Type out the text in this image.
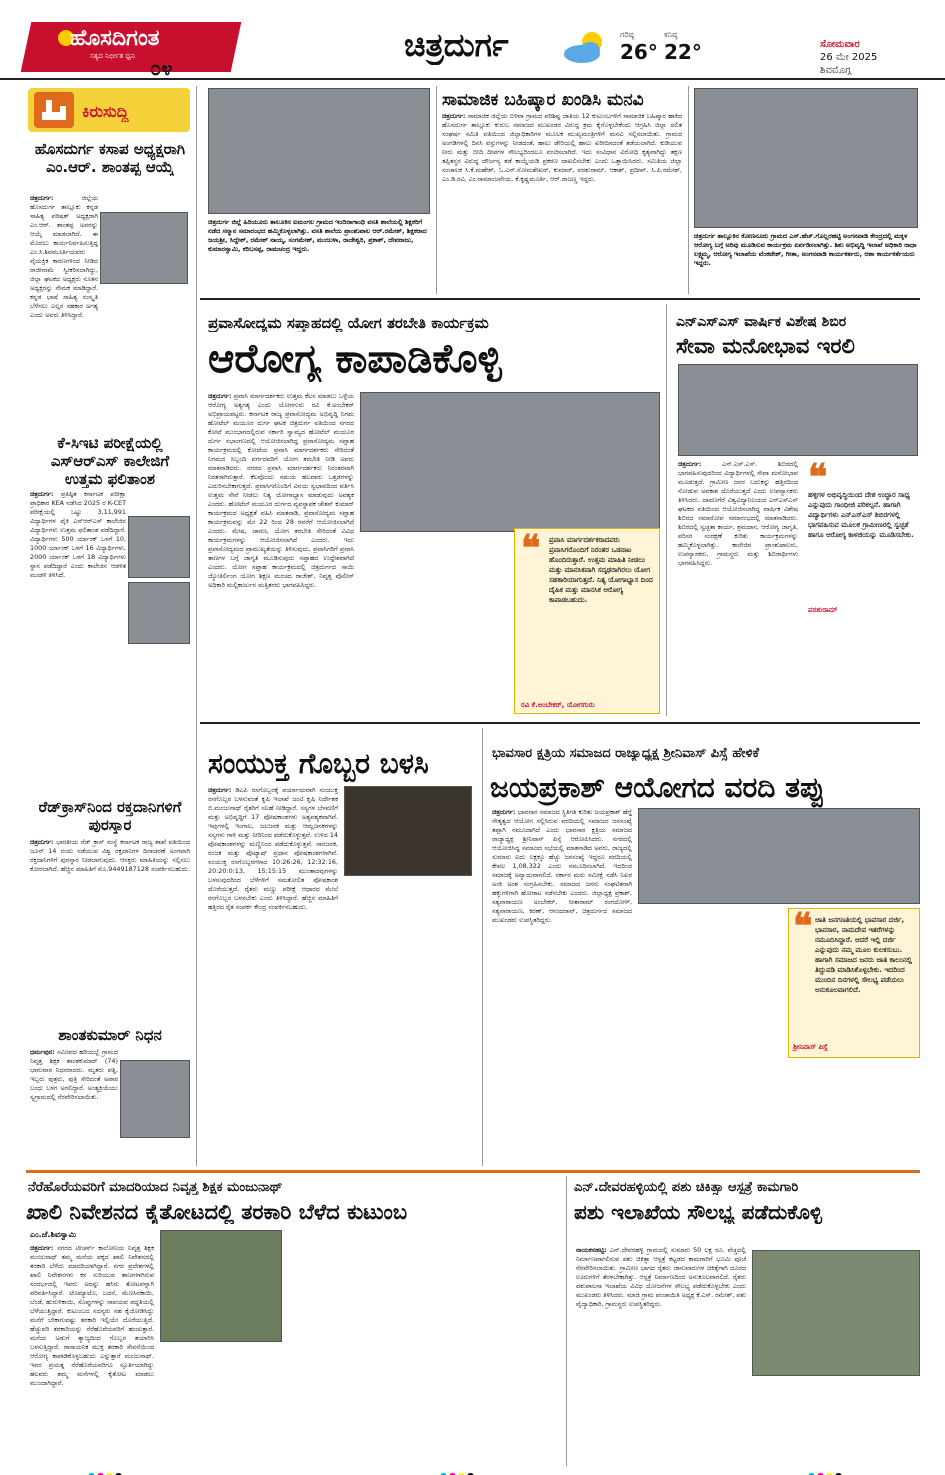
ಹೊಸದಿಗಂತ
ಸತ್ಯದ ನಿರ್ಭೀತ ಧ್ವನಿ ೦೪
ಚಿತ್ರದುರ್ಗ	ಗರಿಷ್ಠ
26°
ಕನಿಷ್ಠ
22°	ಸೋಮವಾರ
26 ಮೇ 2025
ಶಿವಮೊಗ್ಗ
ಕಿರುಸುದ್ದಿ
ಹೊಸದುರ್ಗ ಕಸಾಪ ಅಧ್ಯಕ್ಷರಾಗಿ ಎಂ.ಆರ್. ಶಾಂತಪ್ಪ ಆಯ್ಕೆ
ಚಿತ್ರದುರ್ಗ:	ಜಿಲ್ಲೆಯ ಹೊಸದುರ್ಗ ತಾಲ್ಲೂಕು ಕನ್ನಡ ಸಾಹಿತ್ಯ ಪರಿಷತ್ ಅಧ್ಯಕ್ಷರಾಗಿ ಎಂ.ಆರ್. ಶಾಂತಪ್ಪ ಅವರನ್ನು ಆಯ್ಕೆ ಮಾಡಲಾಗಿದೆ. ಈ ಮೊದಲು ಕಾರ್ಯನಿರ್ವಹಿಸುತ್ತಿದ್ದ ಎಂ.ಸಿ.ಶಿವಮೂರ್ತಿಯವರು ವೈಯಕ್ತಿಕ ಕಾರಣಗಳಿಂದ ನೀಡಿದ ರಾಜೀನಾಮೆ ಸ್ವೀಕರಿಸಲಾಗಿದ್ದು, ಜಿಲ್ಲಾ ಘಟಕದ ಅಧ್ಯಕ್ಷರು ನೂತನ ಅಧ್ಯಕ್ಷರನ್ನು ನೇಮಕ ಮಾಡಿದ್ದಾರೆ. ಕನ್ನಡ ಭಾಷೆ ಸಾಹಿತ್ಯ ಸಂಸ್ಕೃತಿ ಬೆಳೆಸಲು ಎಲ್ಲರ ಸಹಕಾರ ಅಗತ್ಯ ಎಂದು ಅವರು ತಿಳಿಸಿದ್ದಾರೆ.
ಕೆ-ಸಿಇಟಿ ಪರೀಕ್ಷೆಯಲ್ಲಿ ಎಸ್‌ಆರ್‌ಎಸ್ ಕಾಲೇಜಿಗೆ ಉತ್ತಮ ಫಲಿತಾಂಶ
ಚಿತ್ರದುರ್ಗ: ಪ್ರತಿಷ್ಠಿತ ಕರ್ನಾಟಕ ಪರೀಕ್ಷಾ ಪ್ರಾಧಿಕಾರ KEA ನಡೆಸಿದ 2025 ರ K-CET ಪರೀಕ್ಷೆಯಲ್ಲಿ ಒಟ್ಟು 3,11,991 ವಿದ್ಯಾರ್ಥಿಗಳ ಪೈಕಿ ಎಸ್‌ಆರ್‌ಎಸ್ ಕಾಲೇಜಿನ ವಿದ್ಯಾರ್ಥಿಗಳು ಉತ್ತಮ ಫಲಿತಾಂಶ ಪಡೆದಿದ್ದಾರೆ. ವಿದ್ಯಾರ್ಥಿಗಳು 500 ರ್ಯಾಂಕ್ ಒಳಗೆ 10, 1000 ರ್ಯಾಂಕ್ ಒಳಗೆ 16 ವಿದ್ಯಾರ್ಥಿಗಳು, 2000 ರ್ಯಾಂಕ್ ಒಳಗೆ 18 ವಿದ್ಯಾರ್ಥಿಗಳು ಸ್ಥಾನ ಪಡೆದಿದ್ದಾರೆ ಎಂದು ಕಾಲೇಜಿನ ಆಡಳಿತ ಮಂಡಳಿ ತಿಳಿಸಿದೆ.
ರೆಡ್‌ಕ್ರಾಸ್‌ನಿಂದ ರಕ್ತದಾನಿಗಳಿಗೆ ಪುರಸ್ಕಾರ
ಚಿತ್ರದುರ್ಗ: ಭಾರತೀಯ ರೆಡ್ ಕ್ರಾಸ್ ಸಂಸ್ಥೆ ಕರ್ನಾಟಕ ರಾಜ್ಯ ಶಾಖೆ ವತಿಯಿಂದ ಜೂನ್ 14 ರಂದು ನಡೆಯುವ ವಿಶ್ವ ರಕ್ತದಾನಿಗಳ ದಿನಾಚರಣೆ ಅಂಗವಾಗಿ ರಕ್ತದಾನಿಗಳಿಗೆ ಪುರಸ್ಕಾರ ನೀಡಲಾಗುವುದು. ಆಸಕ್ತರು ಮಾಹಿತಿಯನ್ನು ಸಲ್ಲಿಸಲು ಕೋರಲಾಗಿದೆ. ಹೆಚ್ಚಿನ ಮಾಹಿತಿಗೆ ಮೊ.9449187128 ಸಂಪರ್ಕಿಸಬಹುದು.
ಶಾಂತಕುಮಾರ್ ನಿಧನ
ಧರ್ಮಪುರ: ಸಮೀಪದ ಹರಿಯಬ್ಬೆ ಗ್ರಾಮದ ನಿವೃತ್ತ ಶಿಕ್ಷಕ ಶಾಂತಕುಮಾರ್ (74) ಭಾನುವಾರ ನಿಧನರಾದರು. ಮೃತರು ಪತ್ನಿ, ಇಬ್ಬರು ಪುತ್ರರು, ಪುತ್ರಿ ಸೇರಿದಂತೆ ಅಪಾರ ಬಂಧು ಬಳಗ ಅಗಲಿದ್ದಾರೆ. ಅಂತ್ಯಕ್ರಿಯೆಯು ಸ್ವಗ್ರಾಮದಲ್ಲಿ ನೆರವೇರಿಸಲಾಯಿತು.
ಚಿತ್ರದುರ್ಗ ಜಿಲ್ಲೆ ಹಿರಿಯೂರು ತಾಲೂಕಿನ ಐಮಂಗಲ ಗ್ರಾಮದ ಇಂದಿರಾಗಾಂಧಿ ವಸತಿ ಶಾಲೆಯಲ್ಲಿ ಶಿಕ್ಷಕರಿಗೆ ನಡೆದ ಸನ್ಮಾನ ಸಮಾರಂಭದ ಹಮ್ಮಿಕೊಳ್ಳಲಾಗಿತ್ತು. ವಸತಿ ಶಾಲೆಯ ಪ್ರಾಂಶುಪಾಲ ಆರ್.ರಮೇಶ್, ಶಿಕ್ಷಕರಾದ ಜಯಶ್ರೀ, ಸಿದ್ದೇಶ್, ರಮೇಶ್ ನಾಯ್ಕ, ಸಂಗಮೇಶ್, ಮಂಜುಳಾ, ರಾಜೇಶ್ವರಿ, ಪ್ರಕಾಶ್, ದೇವರಾಜು, ಕುಮಾರಸ್ವಾಮಿ, ಕರಿಬಸಪ್ಪ, ರಾಮಚಂದ್ರ ಇದ್ದರು.
ಸಾಮಾಜಿಕ ಬಹಿಷ್ಕಾರ ಖಂಡಿಸಿ ಮನವಿ
ಚಿತ್ರದುರ್ಗ: ಸಾಮಾಜಿಕ ಜಿಲ್ಲೆಯ ಬಿಳಿವಾ ಗ್ರಾಮದ ಪರಿಶಿಷ್ಟ ಜಾತಿಯ 12 ಕುಟುಂಬಗಳಿಗೆ ಸಾಮಾಜಿಕ ಬಹಿಷ್ಕಾರ ಹಾಕಿದ ಹೊಸದುರ್ಗ ತಾಲ್ಲೂಕು ಕುರುಬ ಸಮಾಜದ ಮುಖಂಡರ ವಿರುದ್ಧ ಕ್ರಮ ಕೈಗೊಳ್ಳಬೇಕೆಂದು ಆಗ್ರಹಿಸಿ ಜಿಲ್ಲಾ ದಲಿತ ಸಂಘರ್ಷ ಸಮಿತಿ ವತಿಯಿಂದ ಜಿಲ್ಲಾಧಿಕಾರಿಗಳ ಮೂಲಕ ಮುಖ್ಯಮಂತ್ರಿಗಳಿಗೆ ಮನವಿ ಸಲ್ಲಿಸಲಾಯಿತು. ಗ್ರಾಮದ ಅಂಗಡಿಗಳಲ್ಲಿ ದಿನಸಿ ವಸ್ತುಗಳನ್ನು ನೀಡದಂತೆ, ಹಾಲು ಡೇರಿಯಲ್ಲಿ ಹಾಲು ಖರೀದಿಸದಂತೆ ತಡೆಯಲಾಗಿದೆ. ಕುಡಿಯುವ ನೀರು ಮತ್ತು ಬೀದಿ ದೀಪಗಳ ಸೌಲಭ್ಯದಿಂದಲೂ ವಂಚಿಸಲಾಗಿದೆ. ಇದು ಸಂವಿಧಾನ ವಿರೋಧಿ ಕೃತ್ಯವಾಗಿದ್ದು ತಕ್ಷಣ ತಪ್ಪಿತಸ್ಥರ ವಿರುದ್ಧ ದೌರ್ಜನ್ಯ ತಡೆ ಕಾಯ್ದೆಯಡಿ ಪ್ರಕರಣ ದಾಖಲಿಸಬೇಕು ಎಂದು ಒತ್ತಾಯಿಸಿದರು. ಸಮಿತಿಯ ಜಿಲ್ಲಾ ಸಂಚಾಲಕ ಸಿ.ಕೆ.ಮಹೇಶ್, ಓ.ಎನ್.ಸೋಮಶೇಖರ್, ಕುಮಾರ್, ಪರಶುರಾಮ್, ಆಕಾಶ್, ಪ್ರದೀಪ್, ಸಿ.ಪಿ.ರಮೇಶ್, ಎಂ.ಡಿ.ರವಿ, ಎಂ.ರಾಮಾಂಜನೇಯ, ಕೆ.ಕೃಷ್ಣಮೂರ್ತಿ, ಆರ್.ರಾಜಣ್ಣ ಇದ್ದರು.
ಚಿತ್ರದುರ್ಗ ತಾಲ್ಲೂಕಿನ ಕೋಣನೂರು ಗ್ರಾಮದ ಎಸ್.ಹೆಚ್.ಗೊಲ್ಲರಹಟ್ಟಿ ಅಂಗನವಾಡಿ ಕೇಂದ್ರದಲ್ಲಿ ಮಕ್ಕಳ ಆರೋಗ್ಯ ಬಗ್ಗೆ ಅರಿವು ಮೂಡಿಸುವ ಕಾರ್ಯಕ್ರಮ ಏರ್ಪಡಿಸಲಾಗಿತ್ತು. ಶಿಶು ಅಭಿವೃದ್ಧಿ ಇಲಾಖೆ ಅಧಿಕಾರಿ ರಾಧಾ ಲಕ್ಷ್ಮಮ್ಮ, ಆರೋಗ್ಯ ಇಲಾಖೆಯ ವೆಂಕಟೇಶ್, ಗೀತಾ, ಅಂಗನವಾಡಿ ಕಾರ್ಯಕರ್ತರು, ಆಶಾ ಕಾರ್ಯಕರ್ತೆಯರು ಇದ್ದರು.
ಪ್ರವಾಸೋದ್ಯಮ ಸಪ್ತಾಹದಲ್ಲಿ ಯೋಗ ತರಬೇತಿ ಕಾರ್ಯಕ್ರಮ
ಆರೋಗ್ಯ ಕಾಪಾಡಿಕೊಳ್ಳಿ
ಚಿತ್ರದುರ್ಗ: ಪ್ರವಾಸಿ ಮಾರ್ಗದರ್ಶಕರು ಉತ್ತಮ ಕೆಲಸ ಮಾಡಲು ಒಳ್ಳೆಯ ಆರೋಗ್ಯ ಅತ್ಯಗತ್ಯ ಎಂದು ಯೋಗಗುರು ರವಿ ಕೆ.ಅಂಬೇಕರ್ ಅಭಿಪ್ರಾಯಪಟ್ಟರು. ಕರ್ನಾಟಕ ರಾಜ್ಯ ಪ್ರವಾಸೋದ್ಯಮ ಅಭಿವೃದ್ಧಿ ನಿಗಮ ಹೋಟೆಲ್ ಮಯೂರ ದುರ್ಗ ಘಟಕ ಚಿತ್ರದುರ್ಗ ವತಿಯಿಂದ ನಗರದ ಕೋಟೆ ಮುಂಭಾಗದಲ್ಲಿರುವ ಸರ್ಕಾರಿ ಸ್ವಾಮ್ಯದ ಹೋಟೆಲ್ ಮಯೂರ ದುರ್ಗ ಸಭಾಂಗಣದಲ್ಲಿ ಆಯೋಜಿಸಲಾಗಿದ್ದ ಪ್ರವಾಸೋದ್ಯಮ ಸಪ್ತಾಹ ಕಾರ್ಯಕ್ರಮದಲ್ಲಿ ಕೋಟೆಯ ಪ್ರವಾಸಿ ಮಾರ್ಗದರ್ಶಕರು ಸೇರಿದಂತೆ ನಿಗಮದ ಸಿಬ್ಬಂದಿ ವರ್ಗದವರಿಗೆ ಯೋಗ ತರಬೇತಿ ನೀಡಿ ಅವರು ಮಾತನಾಡಿದರು. ನಗರದ ಪ್ರವಾಸಿ ಮಾರ್ಗದರ್ಶಕರು ನಿರಂತರವಾಗಿ ನಿರತರಾಗಿರುತ್ತಾರೆ. ಕೆಲವೊಂದು ಸಮಯ ಹಲವಾರು ಒತ್ತಡಗಳನ್ನು ಎದುರಿಸಬೇಕಾಗುತ್ತದೆ. ಪ್ರವಾಸಿಗರೊಂದಿಗೆ ವಿನಯ ಸ್ವಭಾವದಿಂದ ವರ್ತಿಸಿ ಉತ್ತಮ ಸೇವೆ ನೀಡಲು ನಿತ್ಯ ಯೋಗಾಭ್ಯಾಸ ಮಾಡುವುದು ಅವಶ್ಯಕ ಎಂದರು. ಹೋಟೆಲ್ ಮಯೂರ ದುರ್ಗದ ವ್ಯವಸ್ಥಾಪಕ ಚೇತನ್ ಕುಮಾರ್ ಕಾರ್ಯಕ್ರಮದ ಅಧ್ಯಕ್ಷತೆ ವಹಿಸಿ ಮಾತನಾಡಿ, ಪ್ರವಾಸೋದ್ಯಮ ಸಪ್ತಾಹ ಕಾರ್ಯಕ್ರಮವನ್ನು ಮೇ 22 ರಿಂದ 28 ರವರೆಗೆ ಆಯೋಜಿಸಲಾಗಿದೆ ಎಂದರು. ಮೇಷ, ಚಾರಣ, ಯೋಗ ತರಬೇತಿ ಸೇರಿದಂತೆ ವಿವಿಧ ಕಾರ್ಯಕ್ರಮಗಳನ್ನು ಆಯೋಜಿಸಲಾಗಿದೆ ಎಂದರು. ಇದು ಪ್ರವಾಸೋದ್ಯಮದ ಪ್ರಾಮುಖ್ಯತೆಯನ್ನು ತಿಳಿಸುವುದು, ಪ್ರವಾಸಿಗರಿಗೆ ಪ್ರವಾಸಿ ತಾಣಗಳ ಬಗ್ಗೆ ಜಾಗೃತಿ ಮೂಡಿಸುವುದು ಸಪ್ತಾಹದ ಉದ್ದೇಶವಾಗಿದೆ ಎಂದರು. ಯೋಗ ಸಪ್ತಾಹ ಕಾರ್ಯಕ್ರಮದಲ್ಲಿ ಚಿತ್ರದುರ್ಗದ ಸಾಯಿ ಜ್ಯೋತಿರ್ಲಿಂಗ ಯೋಗ ಶಿಕ್ಷಣ ಮಂಚದ ರಾಜೇಶ್, ನಿವೃತ್ತ ಪೊಲೀಸ್ ಅಧಿಕಾರಿ ಮಲ್ಲಿಕಾರ್ಜುನ ಮತ್ತಿತರರು ಭಾಗವಹಿಸಿದ್ದರು.
❝ ಪ್ರವಾಸಿ ಮಾರ್ಗದರ್ಶಕರಾದವರು ಪ್ರವಾಸಿಗರೊಂದಿಗೆ ನಿರಂತರ ಒಡನಾಟ ಹೊಂದಿರುತ್ತಾರೆ. ಉತ್ತಮ ಮಾಹಿತಿ ನೀಡಲು ಮತ್ತು ಮಾನಸಿಕವಾಗಿ ಸದೃಢರಾಗಿರಲು ಯೋಗ ಸಹಕಾರಿಯಾಗುತ್ತದೆ. ನಿತ್ಯ ಯೋಗಾಭ್ಯಾಸ ದಿಂದ ದೈಹಿಕ ಮತ್ತು ಮಾನಸಿಕ ಆರೋಗ್ಯ ಕಾಪಾಡಬಹುದು.
ರವಿ ಕೆ.ಅಂಬೇಕರ್, ಯೋಗಗುರು
ಎನ್‌ಎಸ್‌ಎಸ್ ವಾರ್ಷಿಕ ವಿಶೇಷ ಶಿಬಿರ
ಸೇವಾ ಮನೋಭಾವ ಇರಲಿ
ಚಿತ್ರದುರ್ಗ:	ಎನ್.ಎಸ್.ಎಸ್. ಶಿಬಿರದಲ್ಲಿ ಭಾಗವಹಿಸುವುದರಿಂದ ವಿದ್ಯಾರ್ಥಿಗಳಲ್ಲಿ ಸೇವಾ ಮನೋಭಾವ ಮೂಡುತ್ತದೆ. ಗ್ರಾಮೀಣ ಜನರ ಬದುಕನ್ನು ಹತ್ತಿರದಿಂದ ನೋಡುವ ಅವಕಾಶ ದೊರೆಯುತ್ತದೆ ಎಂದು ಉಪನ್ಯಾಸಕರು ತಿಳಿಸಿದರು. ದಾವಣಗೆರೆ ವಿಶ್ವವಿದ್ಯಾನಿಲಯದ ಎನ್‌ಎಸ್‌ಎಸ್ ಘಟಕದ ವತಿಯಿಂದ ಆಯೋಜಿಸಲಾಗಿದ್ದ ವಾರ್ಷಿಕ ವಿಶೇಷ ಶಿಬಿರದ ಸಮಾರೋಪ ಸಮಾರಂಭದಲ್ಲಿ ಮಾತನಾಡಿದರು. ಶಿಬಿರದಲ್ಲಿ ಸ್ವಚ್ಛತಾ ಕಾರ್ಯ, ಶ್ರಮದಾನ, ಆರೋಗ್ಯ ಜಾಗೃತಿ, ಪರಿಸರ ಸಂರಕ್ಷಣೆ ಕುರಿತು ಕಾರ್ಯಕ್ರಮಗಳನ್ನು ಹಮ್ಮಿಕೊಳ್ಳಲಾಗಿತ್ತು. ಕಾಲೇಜಿನ ಪ್ರಾಂಶುಪಾಲರು, ಉಪನ್ಯಾಸಕರು, ಗ್ರಾಮಸ್ಥರು ಮತ್ತು ಶಿಬಿರಾರ್ಥಿಗಳು ಭಾಗವಹಿಸಿದ್ದರು.
❝
ಹಳ್ಳಿಗಳ ಅಭಿವೃದ್ಧಿಯಿಂದ ದೇಶ ಉದ್ಧಾರ ಸಾಧ್ಯ ಎನ್ನುವುದು ಗಾಂಧೀಜಿ ಪರಿಕಲ್ಪನೆ. ಹಾಗಾಗಿ ವಿದ್ಯಾರ್ಥಿಗಳು ಎನ್‌ಎಸ್‌ಎಸ್ ಶಿಬಿರಗಳಲ್ಲಿ ಭಾಗವಹಿಸುವ ಮೂಲಕ ಗ್ರಾಮೀಣರಲ್ಲಿ ಸ್ವಚ್ಛತೆ ಹಾಗೂ ಆರೋಗ್ಯ ಕಾಳಜಿಯನ್ನು ಮೂಡಿಸಬೇಕು.
ಪರಶುರಾಮ್
ಸಂಯುಕ್ತ ಗೊಬ್ಬರ ಬಳಸಿ
ಚಿತ್ರದುರ್ಗ: ಡಿಎಪಿ ರಸಗೊಬ್ಬರಕ್ಕೆ ಪರ್ಯಾಯವಾಗಿ ಸಂಯುಕ್ತ ರಸಗೊಬ್ಬರ ಬಳಸುವಂತೆ ಕೃಷಿ ಇಲಾಖೆ ಜಂಟಿ ಕೃಷಿ ನಿರ್ದೇಶಕ ಬಿ.ಮಂಜುನಾಥ್ ರೈತರಿಗೆ ಸಲಹೆ ನೀಡಿದ್ದಾರೆ. ಸಸ್ಯಗಳ ಬೆಳವಣಿಗೆ ಮತ್ತು ಅಭಿವೃದ್ಧಿಗೆ 17 ಪೋಷಕಾಂಶಗಳು ಅತ್ಯವಶ್ಯಕವಾಗಿವೆ. ಇವುಗಳಲ್ಲಿ ಇಂಗಾಲ, ಜಲಜನಕ ಮತ್ತು ಆಮ್ಲಜನಕಗಳನ್ನು ಸಸ್ಯಗಳು ಗಾಳಿ ಮತ್ತು ನೀರಿನಿಂದ ಪಡೆದುಕೊಳ್ಳುತ್ತವೆ. ಉಳಿದ 14 ಪೋಷಕಾಂಶಗಳನ್ನು ಮಣ್ಣಿನಿಂದ ಪಡೆದುಕೊಳ್ಳುತ್ತವೆ. ಸಾರಜನಕ, ರಂಜಕ ಮತ್ತು ಪೊಟ್ಯಾಷ್ ಪ್ರಧಾನ ಪೋಷಕಾಂಶಗಳಾಗಿವೆ. ಸಂಯುಕ್ತ ರಸಗೊಬ್ಬರಗಳಾದ 10:26:26, 12:32:16, 20:20:0:13, 15:15:15 ಮುಂತಾದವುಗಳನ್ನು ಬಳಸುವುದರಿಂದ ಬೆಳೆಗಳಿಗೆ ಸಮತೋಲಿತ ಪೋಷಕಾಂಶ ದೊರೆಯುತ್ತದೆ. ರೈತರು ಮಣ್ಣು ಪರೀಕ್ಷೆ ಆಧಾರದ ಮೇಲೆ ರಸಗೊಬ್ಬರ ಬಳಸಬೇಕು ಎಂದು ತಿಳಿಸಿದ್ದಾರೆ. ಹೆಚ್ಚಿನ ಮಾಹಿತಿಗೆ ಹತ್ತಿರದ ರೈತ ಸಂಪರ್ಕ ಕೇಂದ್ರ ಸಂಪರ್ಕಿಸಬಹುದು.
ಭಾವಸಾರ ಕ್ಷತ್ರಿಯ ಸಮಾಜದ ರಾಜ್ಯಾಧ್ಯಕ್ಷ ಶ್ರೀನಿವಾಸ್ ಪಿಸ್ಸೆ ಹೇಳಿಕೆ
ಜಯಪ್ರಕಾಶ್ ಆಯೋಗದ ವರದಿ ತಪ್ಪು
ಚಿತ್ರದುರ್ಗ: ಭಾವಸಾರ ಸಮಾಜದ ಸ್ಥಿತಿಗತಿ ಕುರಿತು ಜಯಪ್ರಕಾಶ್ ಹೆಗ್ಡೆ ನೇತೃತ್ವದ ಆಯೋಗ ಸಲ್ಲಿಸಿರುವ ವರದಿಯಲ್ಲಿ ಸಮಾಜದ ಜನಸಂಖ್ಯೆ ತಪ್ಪಾಗಿ ನಮೂದಾಗಿದೆ ಎಂದು ಭಾವಸಾರ ಕ್ಷತ್ರಿಯ ಸಮಾಜದ ರಾಜ್ಯಾಧ್ಯಕ್ಷ ಶ್ರೀನಿವಾಸ್ ಪಿಸ್ಸೆ ಆರೋಪಿಸಿದರು. ನಗರದಲ್ಲಿ ಆಯೋಜಿಸಿದ್ದ ಸಮಾಜದ ಸಭೆಯಲ್ಲಿ ಮಾತನಾಡಿದ ಅವರು, ರಾಜ್ಯದಲ್ಲಿ ಸುಮಾರು ಐದು ಲಕ್ಷಕ್ಕೂ ಹೆಚ್ಚು ಜನಸಂಖ್ಯೆ ಇದ್ದರೂ ವರದಿಯಲ್ಲಿ ಕೇವಲ 1,08,322 ಎಂದು ನಮೂದಿಸಲಾಗಿದೆ. ಇದರಿಂದ ಸಮಾಜಕ್ಕೆ ಅನ್ಯಾಯವಾಗಲಿದೆ. ಸರ್ಕಾರ ಮರು ಸಮೀಕ್ಷೆ ನಡೆಸಿ ನಿಖರ ಅಂಕಿ ಅಂಶ ಸಂಗ್ರಹಿಸಬೇಕು. ಸಮಾಜದ ಜನರು ಸಂಘಟಿತರಾಗಿ ಹಕ್ಕುಗಳಿಗಾಗಿ ಹೋರಾಟ ನಡೆಸಬೇಕು ಎಂದರು. ಜಿಲ್ಲಾಧ್ಯಕ್ಷ ಪ್ರಕಾಶ್, ಸತ್ಯನಾರಾಯಣ ಅಂಬೇಕರ್, ಸೀತಾರಾಮ್ ರಂಗದೋಳ್, ಸತ್ಯನಾರಾಯಣ, ಕಿರಣ್, ಆನಂದರಾವ್, ಚಿತ್ರದುರ್ಗದ ಸಮಾಜದ ಮುಖಂಡರು ಉಪಸ್ಥಿತರಿದ್ದರು.	❝ ಜಾತಿ ಜನಗಣತಿಯಲ್ಲಿ ಭಾವಸಾರ ದರ್ಜಿ, ಭಾವಸಾರ, ನಾಮದೇವ ಇತರೆಗಳನ್ನು ನಮೂದಿಸಿದ್ದಾರೆ. ಆದರೆ ಇಲ್ಲಿ ದರ್ಜಿ ಎನ್ನುವುದು ನಮ್ಮ ಮೂಲ ಕುಲಕಸುಬು. ಹಾಗಾಗಿ ಸಮಾಜದ ಜನರು ಜಾತಿ ಕಾಲಂನಲ್ಲಿ ತಿದ್ದುಪಡಿ ಮಾಡಿಸಿಕೊಳ್ಳಬೇಕು. ಇದರಿಂದ ಮುಂದಿನ ದಿನಗಳಲ್ಲಿ ಸೌಲಭ್ಯ ಪಡೆಯಲು ಅನುಕೂಲವಾಗಲಿದೆ.
ಶ್ರೀನಿವಾಸ್ ಪಿಸ್ಸೆ
ನೆರೆಹೊರೆಯವರಿಗೆ ಮಾದರಿಯಾದ ನಿವೃತ್ತ ಶಿಕ್ಷಕ ಮಂಜುನಾಥ್
ಖಾಲಿ ನಿವೇಶನದ ಕೈತೋಟದಲ್ಲಿ ತರಕಾರಿ ಬೆಳೆದ ಕುಟುಂಬ
ಎಂ.ಜೆ.ಶಿವಸ್ವಾಮಿ
ಚಿತ್ರದುರ್ಗ: ನಗರದ ಟೀಚರ್ಸ್ ಕಾಲೋನಿಯ ನಿವೃತ್ತ ಶಿಕ್ಷಕ ಮಂಜುನಾಥ್ ತಮ್ಮ ಮನೆಯ ಪಕ್ಕದ ಖಾಲಿ ನಿವೇಶನದಲ್ಲಿ ತರಕಾರಿ ಬೆಳೆದು ಮಾದರಿಯಾಗಿದ್ದಾರೆ. ನಗರ ಪ್ರದೇಶಗಳಲ್ಲಿ ಖಾಲಿ ನಿವೇಶನಗಳು ಕಸ ಸುರಿಯುವ ತಾಣಗಳಾಗಿರುವ ಸಂದರ್ಭದಲ್ಲಿ ಇವರು ಅದನ್ನು ಹಸಿರು ತೋಟವನ್ನಾಗಿ ಪರಿವರ್ತಿಸಿದ್ದಾರೆ. ಟೊಮ್ಯಾಟೊ, ಬದನೆ, ಮೆಣಸಿನಕಾಯಿ, ಬೆಂಡೆ, ಹುರುಳಿಕಾಯಿ, ಸೊಪ್ಪುಗಳನ್ನು ಸಾವಯವ ಪದ್ಧತಿಯಲ್ಲಿ ಬೆಳೆಯುತ್ತಿದ್ದಾರೆ. ಕುಟುಂಬದ ಸದಸ್ಯರು ಸಹ ಕೈಜೋಡಿಸಿದ್ದು ಮನೆಗೆ ಬೇಕಾಗುವಷ್ಟು ತರಕಾರಿ ಇಲ್ಲಿಯೇ ದೊರೆಯುತ್ತಿದೆ. ಹೆಚ್ಚುವರಿ ತರಕಾರಿಯನ್ನು ನೆರೆಹೊರೆಯವರಿಗೆ ಹಂಚುತ್ತಾರೆ. ಮನೆಯ ಅಡುಗೆ ತ್ಯಾಜ್ಯದಿಂದ ಗೊಬ್ಬರ ತಯಾರಿಸಿ ಬಳಸುತ್ತಿದ್ದಾರೆ. ರಾಸಾಯನಿಕ ಮುಕ್ತ ತರಕಾರಿ ಸೇವನೆಯಿಂದ ಆರೋಗ್ಯ ಕಾಪಾಡಿಕೊಳ್ಳಬಹುದು ಎನ್ನುತ್ತಾರೆ ಮಂಜುನಾಥ್. ಇವರ ಪ್ರಯತ್ನ ನೆರೆಹೊರೆಯವರಿಗೂ ಸ್ಫೂರ್ತಿಯಾಗಿದ್ದು ಹಲವರು ತಮ್ಮ ಮನೆಗಳಲ್ಲಿ ಕೈತೋಟ ಮಾಡಲು ಮುಂದಾಗಿದ್ದಾರೆ.
ಎನ್.ದೇವರಹಳ್ಳಿಯಲ್ಲಿ ಪಶು ಚಿಕಿತ್ಸಾ ಆಸ್ಪತ್ರೆ ಕಾಮಗಾರಿ
ಪಶು ಇಲಾಖೆಯ ಸೌಲಭ್ಯ ಪಡೆದುಕೊಳ್ಳಿ
ನಾಯಕನಹಟ್ಟಿ: ಎನ್.ದೇವರಹಳ್ಳಿ ಗ್ರಾಮದಲ್ಲಿ ಸುಮಾರು 50 ಲಕ್ಷ ರೂ. ವೆಚ್ಚದಲ್ಲಿ ನಿರ್ಮಾಣವಾಗಲಿರುವ ಪಶು ಚಿಕಿತ್ಸಾ ಆಸ್ಪತ್ರೆ ಕಟ್ಟಡದ ಕಾಮಗಾರಿಗೆ ಭೂಮಿ ಪೂಜೆ ನೆರವೇರಿಸಲಾಯಿತು. ಗ್ರಾಮೀಣ ಭಾಗದ ರೈತರು ಜಾನುವಾರುಗಳ ಚಿಕಿತ್ಸೆಗಾಗಿ ದೂರದ ಊರುಗಳಿಗೆ ತೆರಳಬೇಕಾಗಿತ್ತು. ಆಸ್ಪತ್ರೆ ನಿರ್ಮಾಣದಿಂದ ಅನುಕೂಲವಾಗಲಿದೆ. ರೈತರು ಪಶುಪಾಲನಾ ಇಲಾಖೆಯ ವಿವಿಧ ಯೋಜನೆಗಳ ಸೌಲಭ್ಯ ಪಡೆದುಕೊಳ್ಳಬೇಕು ಎಂದು ಮುಖಂಡರು ತಿಳಿಸಿದರು. ಮಾಜಿ ಗ್ರಾಮ ಪಂಚಾಯಿತಿ ಅಧ್ಯಕ್ಷ ಕೆ.ಎಸ್. ರಮೇಶ್, ಪಶು ವೈದ್ಯಾಧಿಕಾರಿ, ಗ್ರಾಮಸ್ಥರು ಉಪಸ್ಥಿತರಿದ್ದರು.
